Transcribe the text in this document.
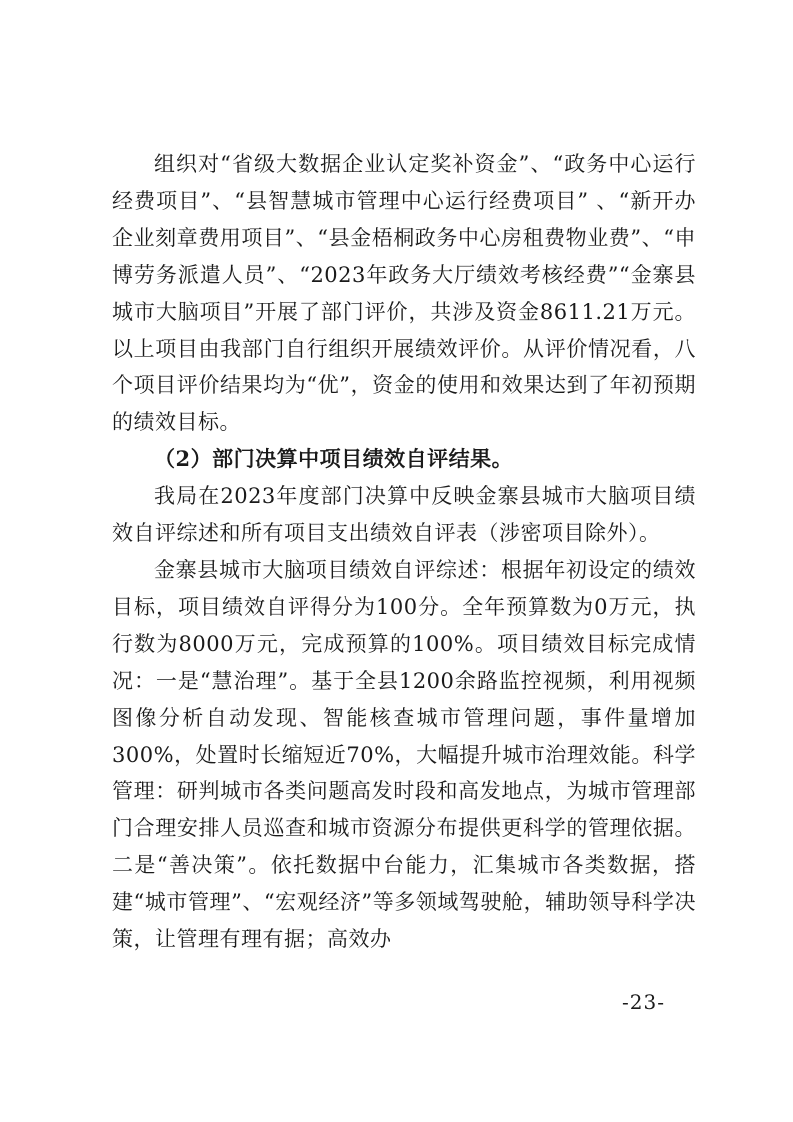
组织对“省级大数据企业认定奖补资金”、“政务中心运行经费项目”、“县智慧城市管理中心运行经费项目” 、“新开办企业刻章费用项目”、“县金梧桐政务中心房租费物业费”、“申博劳务派遣人员”、“2023年政务大厅绩效考核经费”“金寨县城市大脑项目”开展了部门评价，共涉及资金8611.21万元。以上项目由我部门自行组织开展绩效评价。从评价情况看，八个项目评价结果均为“优”，资金的使用和效果达到了年初预期的绩效目标。

（2）部门决算中项目绩效自评结果。

我局在2023年度部门决算中反映金寨县城市大脑项目绩效自评综述和所有项目支出绩效自评表（涉密项目除外）。

金寨县城市大脑项目绩效自评综述：根据年初设定的绩效目标，项目绩效自评得分为100分。全年预算数为0万元，执行数为8000万元，完成预算的100%。项目绩效目标完成情况：一是“慧治理”。基于全县1200余路监控视频，利用视频图像分析自动发现、智能核查城市管理问题，事件量增加300%，处置时长缩短近70%，大幅提升城市治理效能。科学管理：研判城市各类问题高发时段和高发地点，为城市管理部门合理安排人员巡查和城市资源分布提供更科学的管理依据。二是“善决策”。依托数据中台能力，汇集城市各类数据，搭建“城市管理”、“宏观经济”等多领域驾驶舱，辅助领导科学决策，让管理有理有据；高效办

-23-
